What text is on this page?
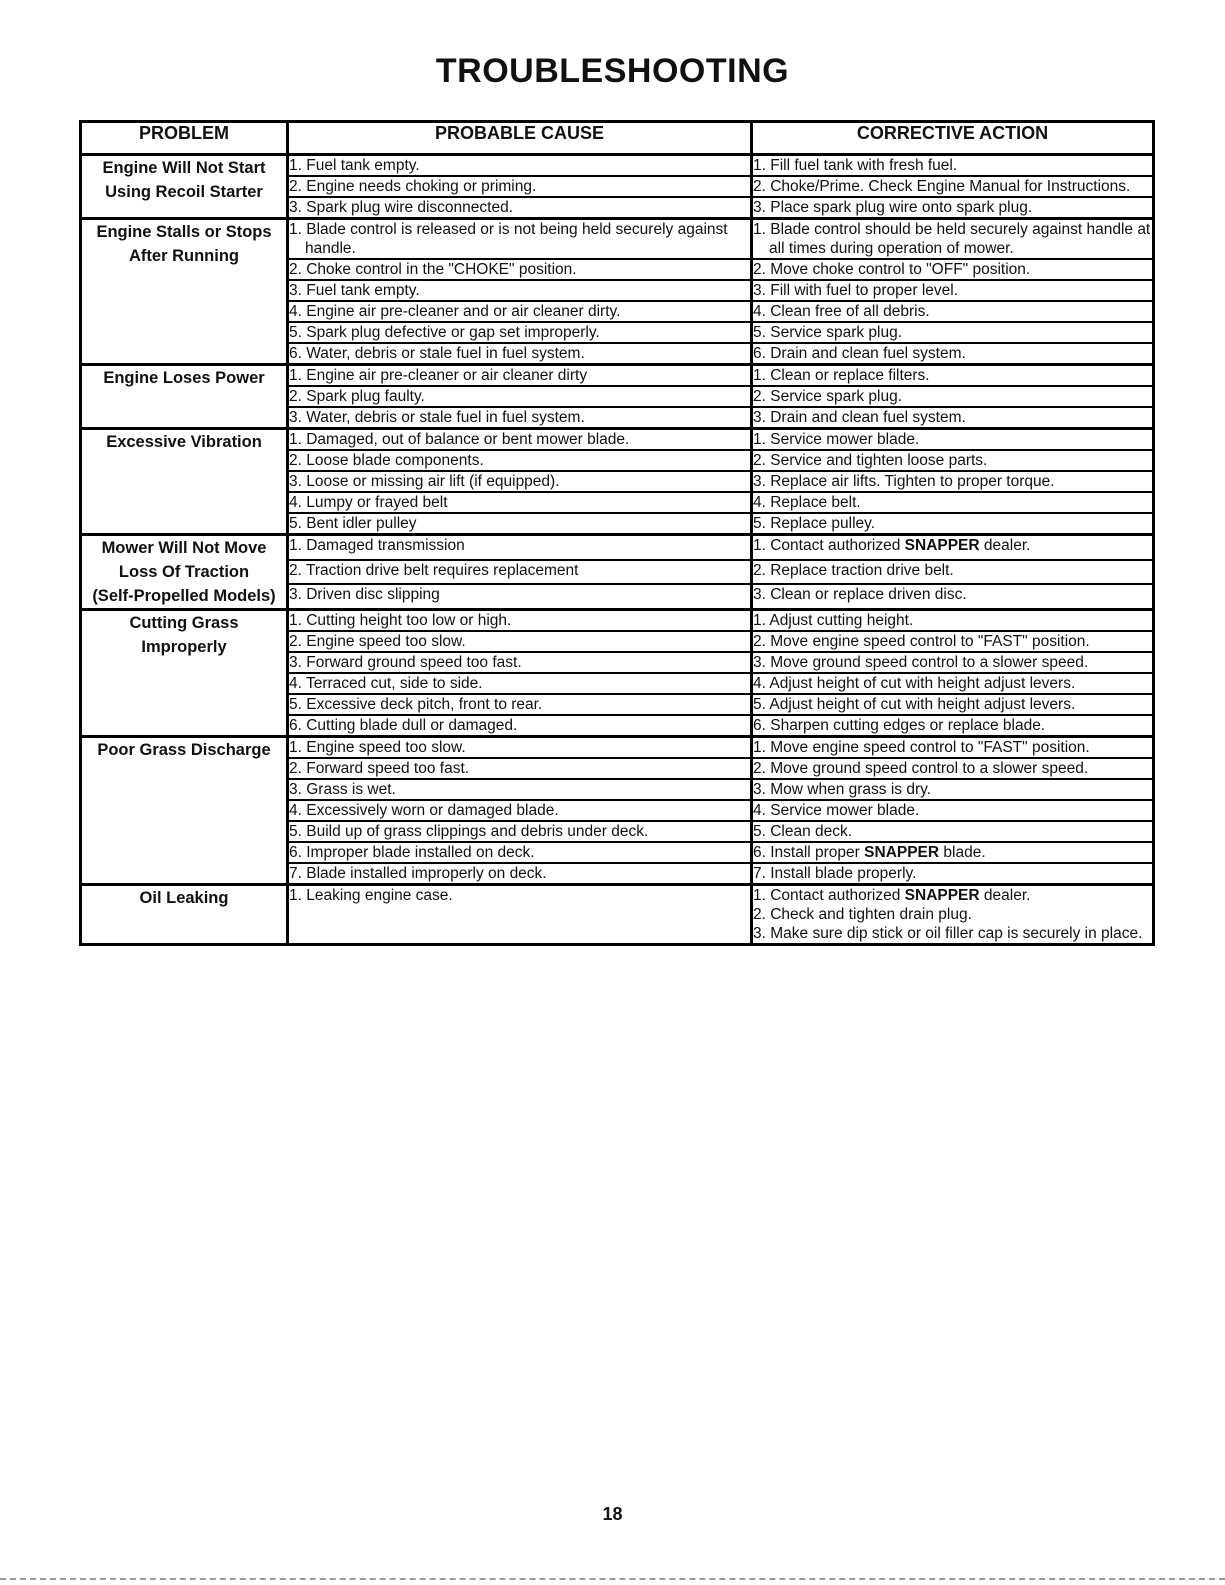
TROUBLESHOOTING
PROBLEM	PROBABLE CAUSE	CORRECTIVE ACTION

Engine Will Not Start
Using Recoil Starter	1. Fuel tank empty.	1. Fill fuel tank with fresh fuel.

	2. Engine needs choking or priming.	2. Choke/Prime. Check Engine Manual for Instructions.

	3. Spark plug wire disconnected.	3. Place spark plug wire onto spark plug.

Engine Stalls or Stops
After Running	1. Blade control is released or is not being held securely against handle.	1. Blade control should be held securely against handle at all times during operation of mower.

	2. Choke control in the "CHOKE" position.	2. Move choke control to "OFF" position.

	3. Fuel tank empty.	3. Fill with fuel to proper level.

	4. Engine air pre-cleaner and or air cleaner dirty.	4. Clean free of all debris.

	5. Spark plug defective or gap set improperly.	5. Service spark plug.

	6. Water, debris or stale fuel in fuel system.	6. Drain and clean fuel system.

Engine Loses Power	1. Engine air pre-cleaner or air cleaner dirty	1. Clean or replace filters.

	2. Spark plug faulty.	2. Service spark plug.

	3. Water, debris or stale fuel in fuel system.	3. Drain and clean fuel system.

Excessive Vibration	1. Damaged, out of balance or bent mower blade.	1. Service mower blade.

	2. Loose blade components.	2. Service and tighten loose parts.

	3. Loose or missing air lift (if equipped).	3. Replace air lifts. Tighten to proper torque.

	4. Lumpy or frayed belt	4. Replace belt.

	5. Bent idler pulley	5. Replace pulley.

Mower Will Not Move
Loss Of Traction
(Self-Propelled Models)	1. Damaged transmission	1. Contact authorized SNAPPER dealer.

	2. Traction drive belt requires replacement	2. Replace traction drive belt.

	3. Driven disc slipping	3. Clean or replace driven disc.

Cutting Grass
Improperly	1. Cutting height too low or high.	1. Adjust cutting height.

	2. Engine speed too slow.	2. Move engine speed control to "FAST" position.

	3. Forward ground speed too fast.	3. Move ground speed control to a slower speed.

	4. Terraced cut, side to side.	4. Adjust height of cut with height adjust levers.

	5. Excessive deck pitch, front to rear.	5. Adjust height of cut with height adjust levers.

	6. Cutting blade dull or damaged.	6. Sharpen cutting edges or replace blade.

Poor Grass Discharge	1. Engine speed too slow.	1. Move engine speed control to "FAST" position.

	2. Forward speed too fast.	2. Move ground speed control to a slower speed.

	3. Grass is wet.	3. Mow when grass is dry.

	4. Excessively worn or damaged blade.	4. Service mower blade.

	5. Build up of grass clippings and debris under deck.	5. Clean deck.

	6. Improper blade installed on deck.	6. Install proper SNAPPER blade.

	7. Blade installed improperly on deck.	7. Install blade properly.

Oil Leaking	1. Leaking engine case.	1. Contact authorized SNAPPER dealer.
2. Check and tighten drain plug.
3. Make sure dip stick or oil filler cap is securely in place.
18
